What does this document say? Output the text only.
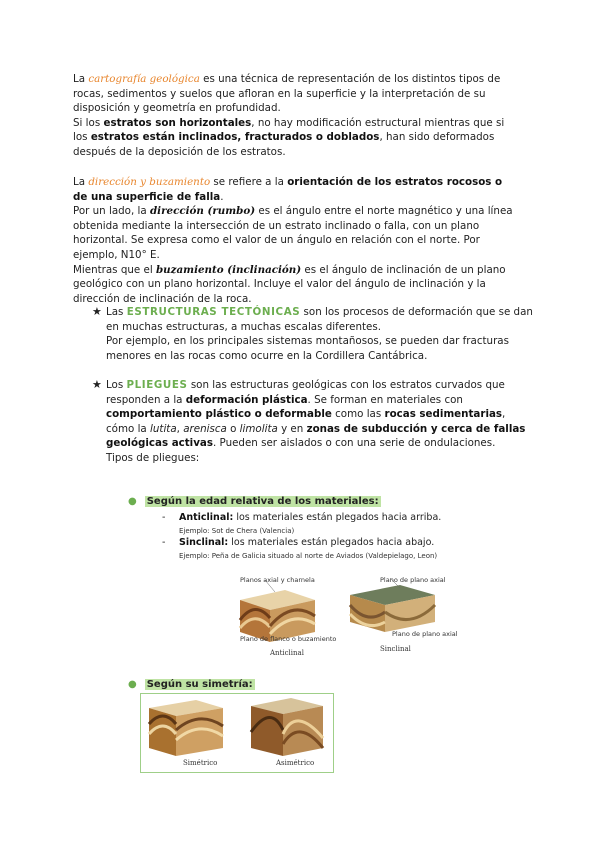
La cartografía geológica es una técnica de representación de los distintos tipos de rocas, sedimentos y suelos que afloran en la superficie y la interpretación de su disposición y geometría en profundidad.

Si los estratos son horizontales, no hay modificación estructural mientras que si los estratos están inclinados, fracturados o doblados, han sido deformados después de la deposición de los estratos.

La dirección y buzamiento se refiere a la orientación de los estratos rocosos o de una superficie de falla.

Por un lado, la dirección (rumbo) es el ángulo entre el norte magnético y una línea obtenida mediante la intersección de un estrato inclinado o falla, con un plano horizontal. Se expresa como el valor de un ángulo en relación con el norte. Por ejemplo, N10° E.

Mientras que el buzamiento (inclinación) es el ángulo de inclinación de un plano geológico con un plano horizontal. Incluye el valor del ángulo de inclinación y la dirección de inclinación de la roca.

★ Las ESTRUCTURAS TECTÓNICAS son los procesos de deformación que se dan en muchas estructuras, a muchas escalas diferentes.

Por ejemplo, en los principales sistemas montañosos, se pueden dar fracturas menores en las rocas como ocurre en la Cordillera Cantábrica.

★ Los PLIEGUES son las estructuras geológicas con los estratos curvados que responden a la deformación plástica. Se forman en materiales con comportamiento plástico o deformable como las rocas sedimentarias, cómo la lutita, arenisca o limolita y en zonas de subducción y cerca de fallas geológicas activas. Pueden ser aislados o con una serie de ondulaciones.

Tipos de pliegues:

● Según la edad relativa de los materiales:
- Anticlinal: los materiales están plegados hacia arriba.
Ejemplo: Sot de Chera (Valencia)
- Sinclinal: los materiales están plegados hacia abajo.
Ejemplo: Peña de Galicia situado al norte de Aviados (Valdepielago, Leon)
Planos axial y charnela
Plano de flanco o buzamiento
Plano de plano axial
Plano de plano axial
Anticlinal	Sinclinal
● Según su simetría:
Simétrico	Asimétrico
